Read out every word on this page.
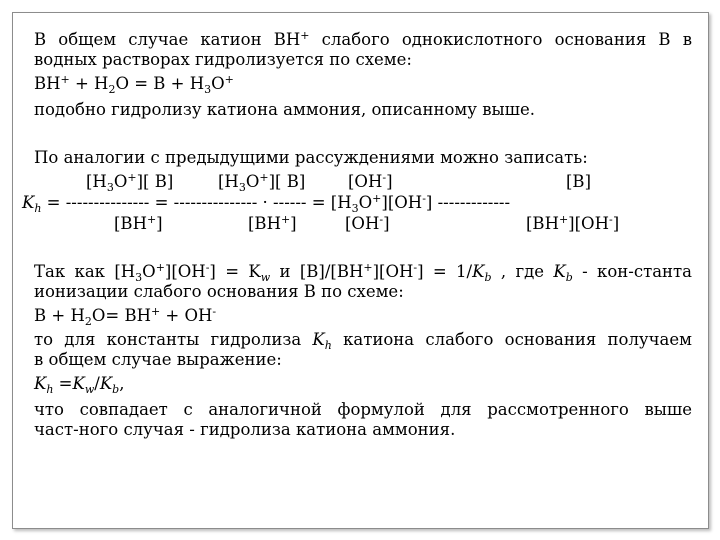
В общем случае катион ВН+ слабого однокислотного основания В в
водных растворах гидролизуется по схеме:
$ВН^+ + Н_2О = В + Н_3О^+$
подобно гидролизу катиона аммония, описанному выше.
По аналогии с предыдущими рассуждениями можно записать:
$[H_3O^+]$[ B]	$[H_3O^+]$[ B]	[OH-]	[B]
$K_h$ = --------------- = --------------- · ------ = $[H_3O^+][OH^-]$ -------------
[BH+]	[BH+]	[OH-]	[BH+][OH-]
Так как $[H_3O^+][OH^-] = K_w$ и $[B]/[BH^+][OH^-] = 1/K_b$ , где $K_b$ - кон-станта
ионизации слабого основания В по схеме:
$В + Н_2О= ВН^+ + ОН^-$
то для константы гидролиза $K_h$ катиона слабого основания получаем
в общем случае выражение:
$K_h =K_w/K_b$,
что совпадает с аналогичной формулой для рассмотренного выше
част-ного случая - гидролиза катиона аммония.
